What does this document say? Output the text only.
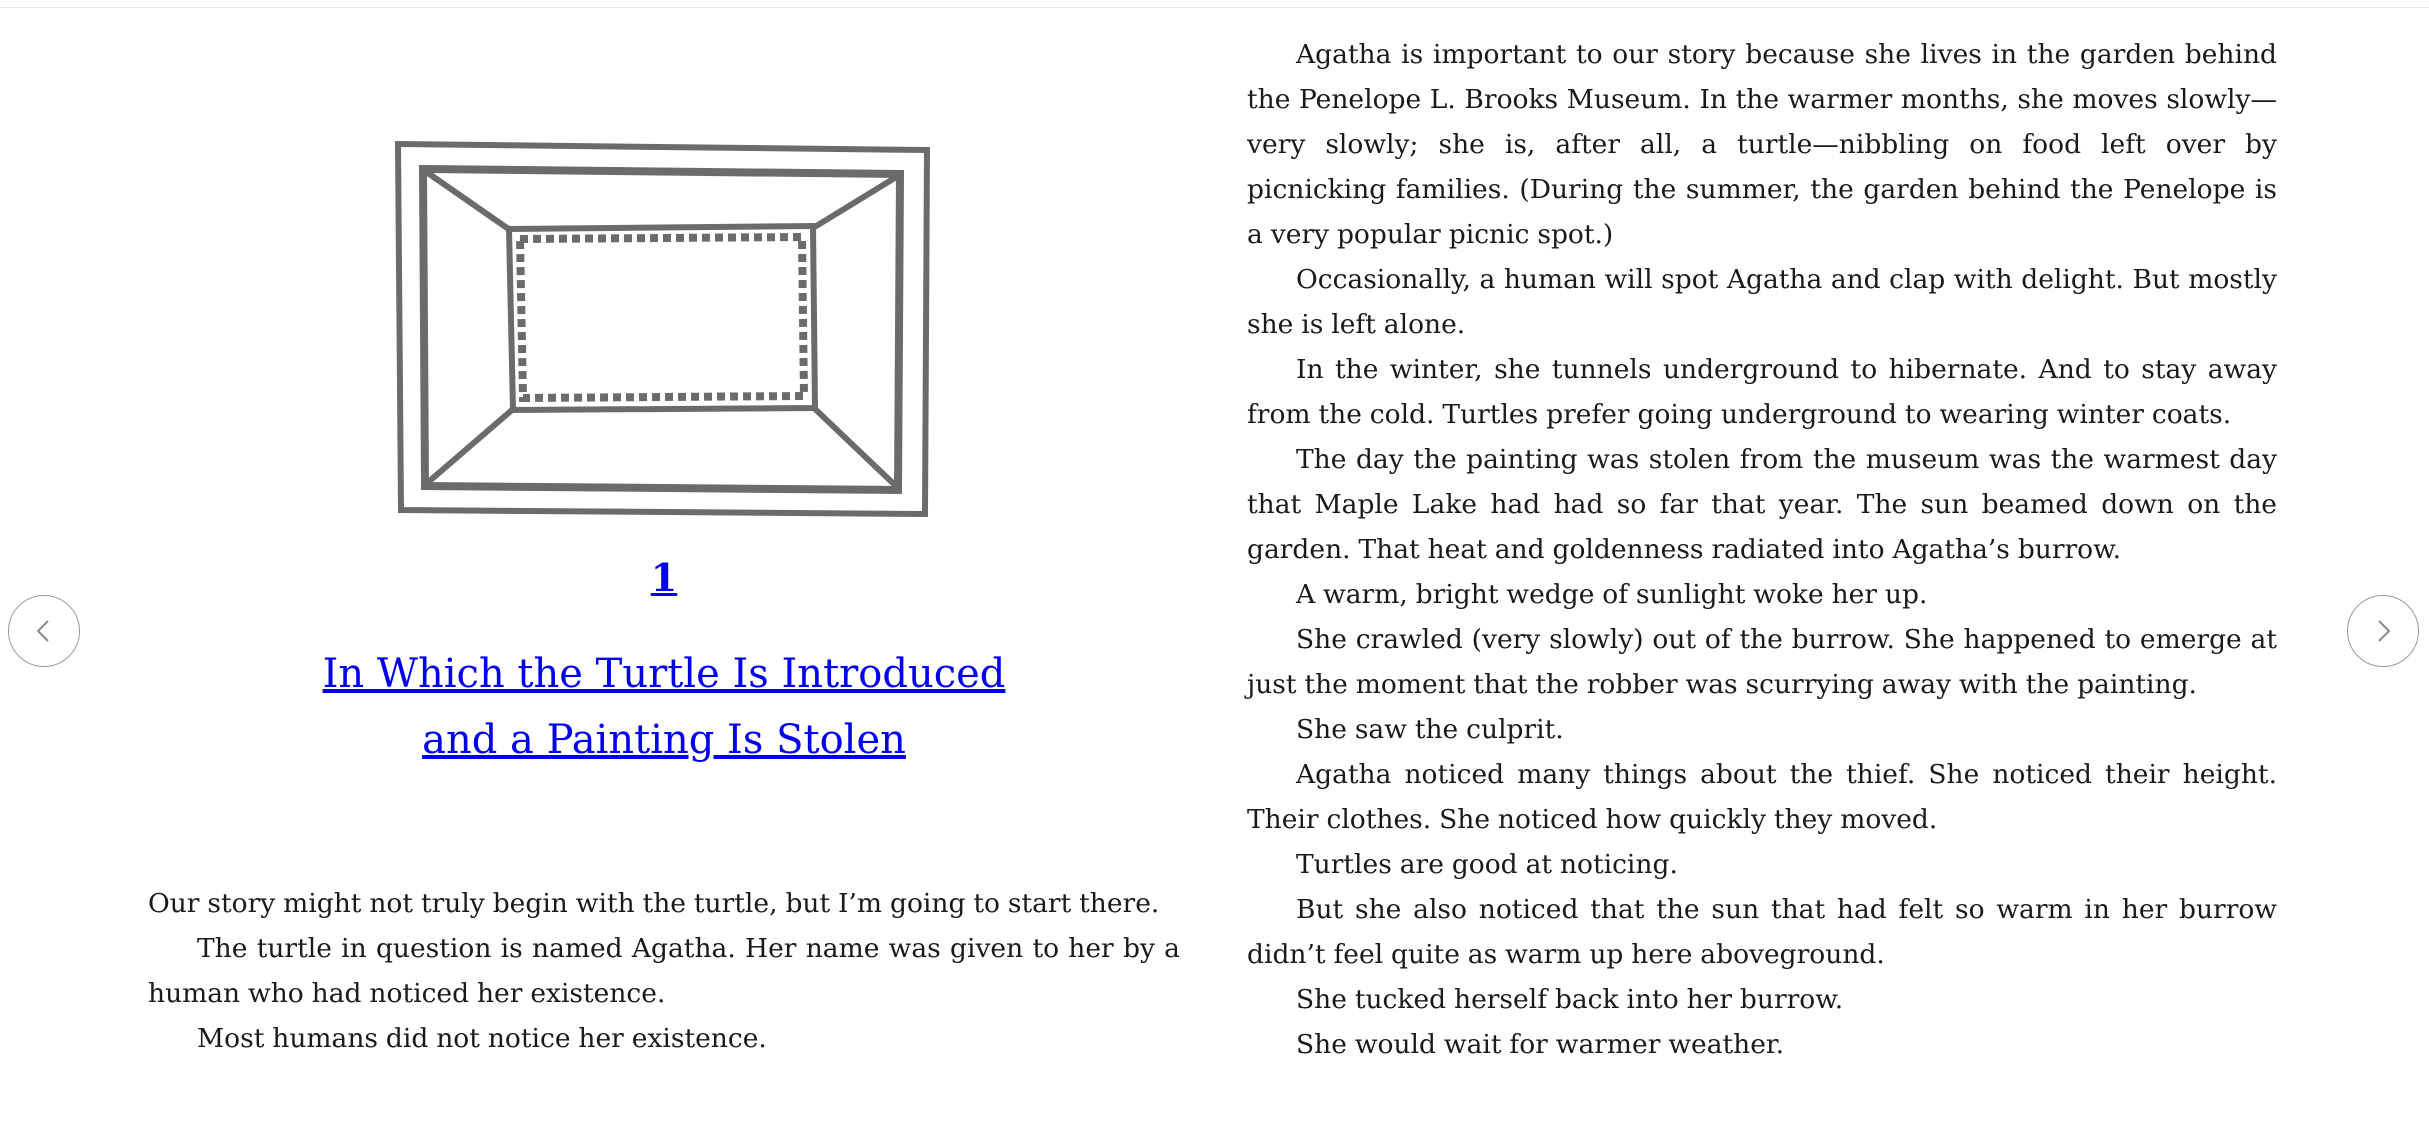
1
In Which the Turtle Is Introduced
and a Painting Is Stolen

Our story might not truly begin with the turtle, but I’m going to start there.

The turtle in question is named Agatha. Her name was given to her by a human who had noticed her existence.

Most humans did not notice her existence.

Agatha is important to our story because she lives in the garden behind the Penelope L. Brooks Museum. In the warmer months, she moves slowly—very slowly; she is, after all, a turtle—nibbling on food left over by picnicking families. (During the summer, the garden behind the Penelope is a very popular picnic spot.)

Occasionally, a human will spot Agatha and clap with delight. But mostly she is left alone.

In the winter, she tunnels underground to hibernate. And to stay away from the cold. Turtles prefer going underground to wearing winter coats.

The day the painting was stolen from the museum was the warmest day that Maple Lake had had so far that year. The sun beamed down on the garden. That heat and goldenness radiated into Agatha’s burrow.

A warm, bright wedge of sunlight woke her up.

She crawled (very slowly) out of the burrow. She happened to emerge at just the moment that the robber was scurrying away with the painting.

She saw the culprit.

Agatha noticed many things about the thief. She noticed their height. Their clothes. She noticed how quickly they moved.

Turtles are good at noticing.

But she also noticed that the sun that had felt so warm in her burrow didn’t feel quite as warm up here aboveground.

She tucked herself back into her burrow.

She would wait for warmer weather.
